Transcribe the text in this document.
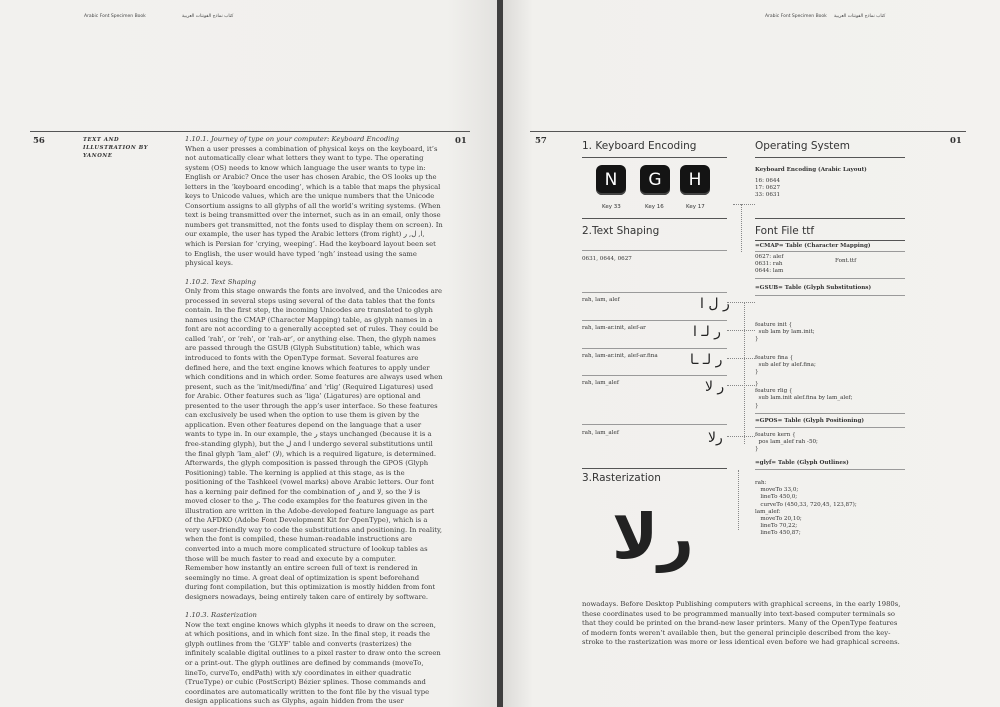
Arabic Font Specimen Book	كتاب نماذج الفونتات العربية
56	TEXT AND ILLUSTRATION BY YANONE
01

1.10.1. Journey of type on your computer: Keyboard Encoding

When a user presses a combination of physical keys on the keyboard, it’s not automatically clear what letters they want to type. The operating system (OS) needs to know which language the user wants to type in: English or Arabic? Once the user has chosen Arabic, the OS looks up the letters in the ‘keyboard encoding’, which is a table that maps the physical keys to Unicode values, which are the unique numbers that the Unicode Consortium assigns to all glyphs of all the world’s writing systems. (When text is being transmitted over the internet, such as in an email, only those numbers get transmitted, not the fonts used to display them on screen). In our example, the user has typed the Arabic letters (from right) ا, ل, ر, which is Persian for ‘crying, weeping’. Had the keyboard layout been set to English, the user would have typed ‘ngh’ instead using the same physical keys.

1.10.2. Text Shaping

Only from this stage onwards the fonts are involved, and the Unicodes are processed in several steps using several of the data tables that the fonts contain. In the first step, the incoming Unicodes are translated to glyph names using the CMAP (Character Mapping) table, as glyph names in a font are not according to a generally accepted set of rules. They could be called ‘rah’, or ‘reh’, or ‘rah-ar’, or anything else. Then, the glyph names are passed through the GSUB (Glyph Substitution) table, which was introduced to fonts with the OpenType format. Several features are defined here, and the text engine knows which features to apply under which conditions and in which order. Some features are always used when present, such as the ‘init/medi/fina’ and ‘rlig’ (Required Ligatures) used for Arabic. Other features such as ‘liga’ (Ligatures) are optional and presented to the user through the app’s user interface. So these features can exclusively be used when the option to use them is given by the application. Even other features depend on the language that a user wants to type in. In our example, the ر stays unchanged (because it is a free-standing glyph), but the ل and ا undergo several substitutions until the final glyph ‘lam_alef’ (لا), which is a required ligature, is determined. Afterwards, the glyph composition is passed through the GPOS (Glyph Positioning) table. The kerning is applied at this stage, as is the positioning of the Tashkeel (vowel marks) above Arabic letters. Our font has a kerning pair defined for the combination of ر and لا, so the لا is moved closer to the ر. The code examples for the features given in the illustration are written in the Adobe-developed feature language as part of the AFDKO (Adobe Font Development Kit for OpenType), which is a very user-friendly way to code the substitutions and positioning. In reality, when the font is compiled, these human-readable instructions are converted into a much more complicated structure of lookup tables as those will be much faster to read and execute by a computer.

Remember how instantly an entire screen full of text is rendered in seemingly no time. A great deal of optimization is spent beforehand during font compilation, but this optimization is mostly hidden from font designers nowadays, being entirely taken care of entirely by software.

1.10.3. Rasterization

Now the text engine knows which glyphs it needs to draw on the screen, at which positions, and in which font size. In the final step, it reads the glyph outlines from the ‘GLYF’ table and converts (rasterizes) the infinitely scalable digital outlines to a pixel raster to draw onto the screen or a print-out. The glyph outlines are defined by commands (moveTo, lineTo, curveTo, endPath) with x/y coordinates in either quadratic (TrueType) or cubic (PostScript) Bézier splines. Those commands and coordinates are automatically written to the font file by the visual type design applications such as Glyphs, again hidden from the user

Arabic Font Specimen Book كتاب نماذج الفونتات العربية
57	01
1. Keyboard Encoding
N	G	H
Key 33	Key 16	Key 17
Operating System
Keyboard Encoding (Arabic Layout)
16: 0644
17: 0627
33: 0631
2.Text Shaping
0631, 0644, 0627
rah, lam, alef	ر ل ا
rah, lam-ar.init, alef-ar	ر لـ ا
rah, lam-ar.init, alef-ar.fina ر لـ ـا
rah, lam_alef	ر لا
rah, lam_alef	رلا
Font File ttf
=CMAP= Table (Character Mapping)
0627: alef
0631: rah
0644: lam
Font.ttf
=GSUB= Table (Glyph Substitutions)
feature init {
sub lam by lam.init;
}
feature fina {
sub alef by alef.fina;
}
}
feature rlig {
sub lam.init alef.fina by lam_alef;
}
=GPOS= Table (Glyph Positioning)
feature kern {
pos lam_alef rah -50;
}
=glyf= Table (Glyph Outlines)
rah:
moveTo 33,0;
lineTo 450,0;
curveTo (450,33, 720,45, 123,87);
lam_alef:
moveTo 20,10;
lineTo 70,22;
lineTo 450,87;
3.Rasterization
رلا
nowadays. Before Desktop Publishing computers with graphical screens, in the early 1980s, these coordinates used to be programmed manually into text-based computer terminals so that they could be printed on the brand-new laser printers. Many of the OpenType features of modern fonts weren’t available then, but the general principle described from the key-stroke to the rasterization was more or less identical even before we had graphical screens.
